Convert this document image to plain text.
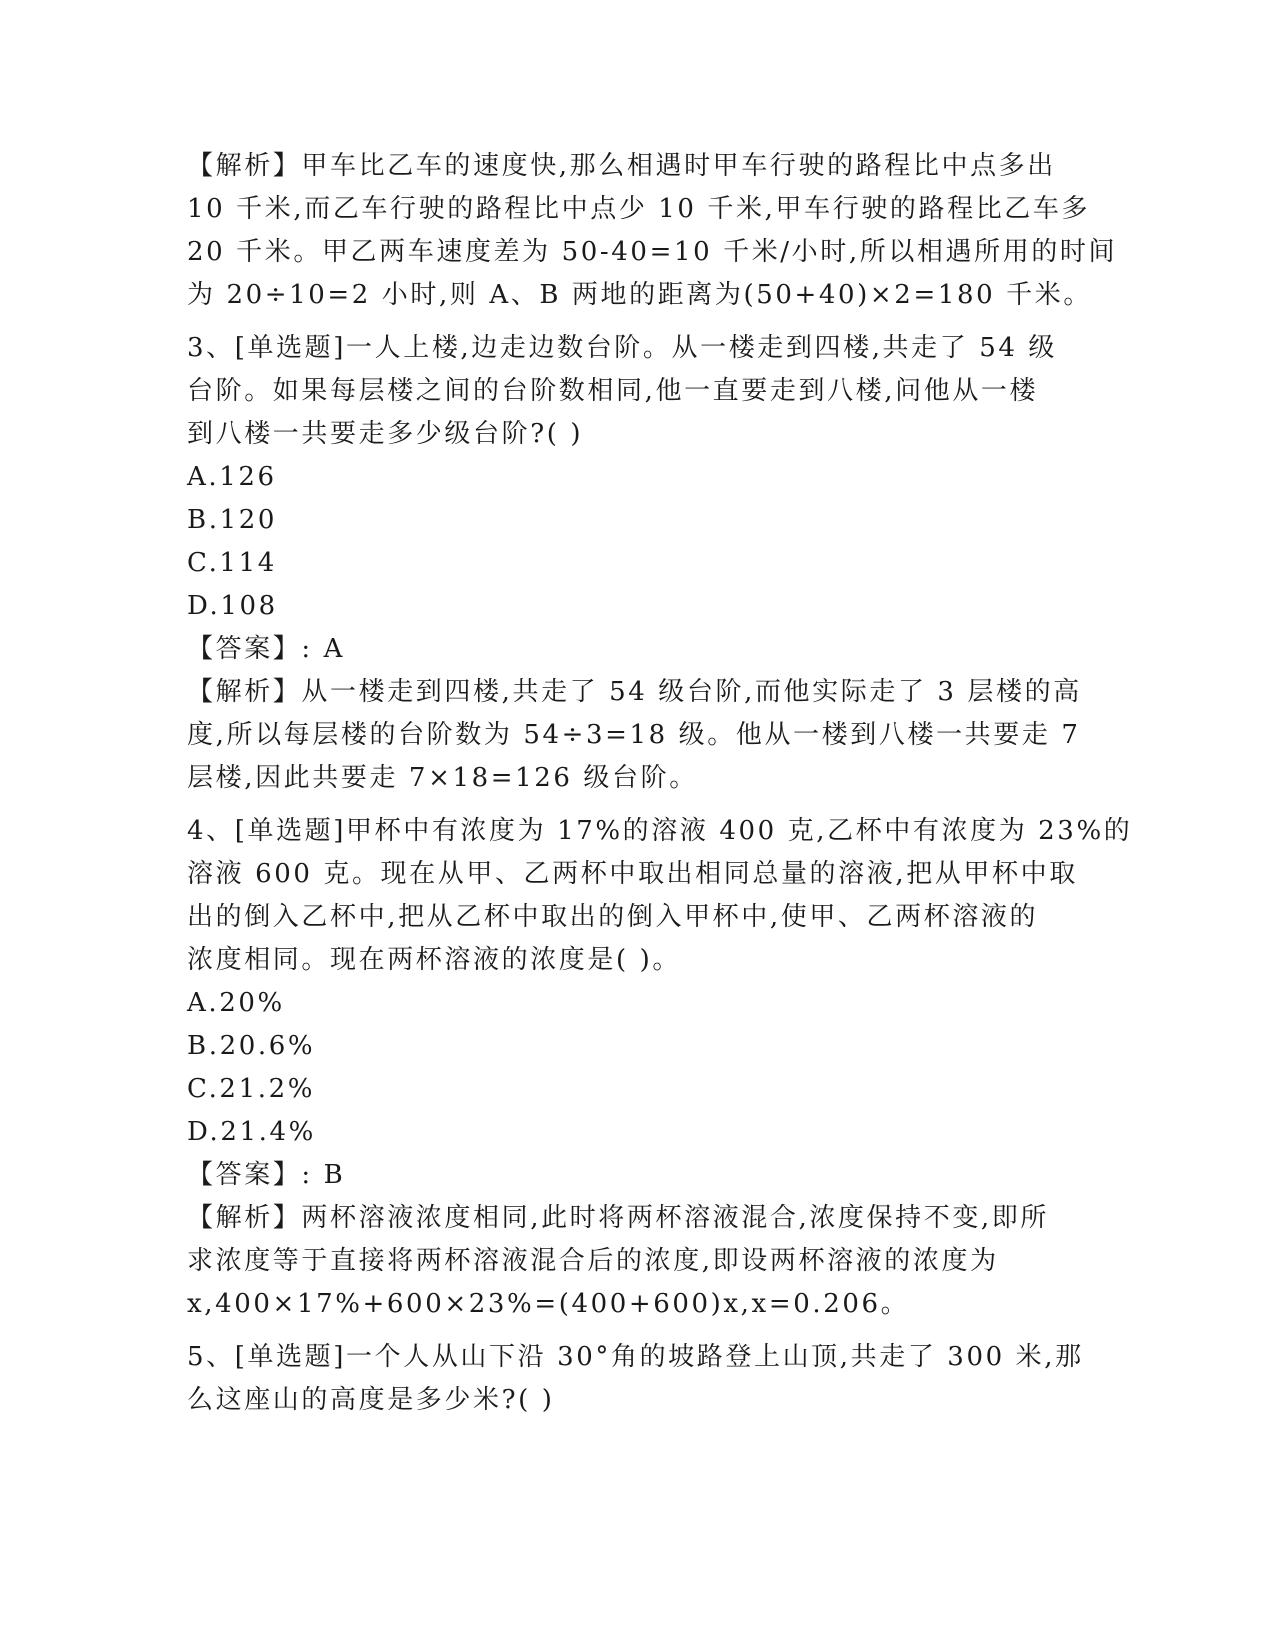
【解析】甲车比乙车的速度快,那么相遇时甲车行驶的路程比中点多出
10 千米,而乙车行驶的路程比中点少 10 千米,甲车行驶的路程比乙车多
20 千米。甲乙两车速度差为 50-40=10 千米/小时,所以相遇所用的时间
为 20÷10=2 小时,则 A、B 两地的距离为(50+40)×2=180 千米。
3、[单选题]一人上楼,边走边数台阶。从一楼走到四楼,共走了 54 级
台阶。如果每层楼之间的台阶数相同,他一直要走到八楼,问他从一楼
到八楼一共要走多少级台阶?( )
A.126
B.120
C.114
D.108
【答案】: A
【解析】从一楼走到四楼,共走了 54 级台阶,而他实际走了 3 层楼的高
度,所以每层楼的台阶数为 54÷3=18 级。他从一楼到八楼一共要走 7
层楼,因此共要走 7×18=126 级台阶。
4、[单选题]甲杯中有浓度为 17%的溶液 400 克,乙杯中有浓度为 23%的
溶液 600 克。现在从甲、乙两杯中取出相同总量的溶液,把从甲杯中取
出的倒入乙杯中,把从乙杯中取出的倒入甲杯中,使甲、乙两杯溶液的
浓度相同。现在两杯溶液的浓度是( )。
A.20%
B.20.6%
C.21.2%
D.21.4%
【答案】: B
【解析】两杯溶液浓度相同,此时将两杯溶液混合,浓度保持不变,即所
求浓度等于直接将两杯溶液混合后的浓度,即设两杯溶液的浓度为
x,400×17%+600×23%=(400+600)x,x=0.206。
5、[单选题]一个人从山下沿 30°角的坡路登上山顶,共走了 300 米,那
么这座山的高度是多少米?( )
